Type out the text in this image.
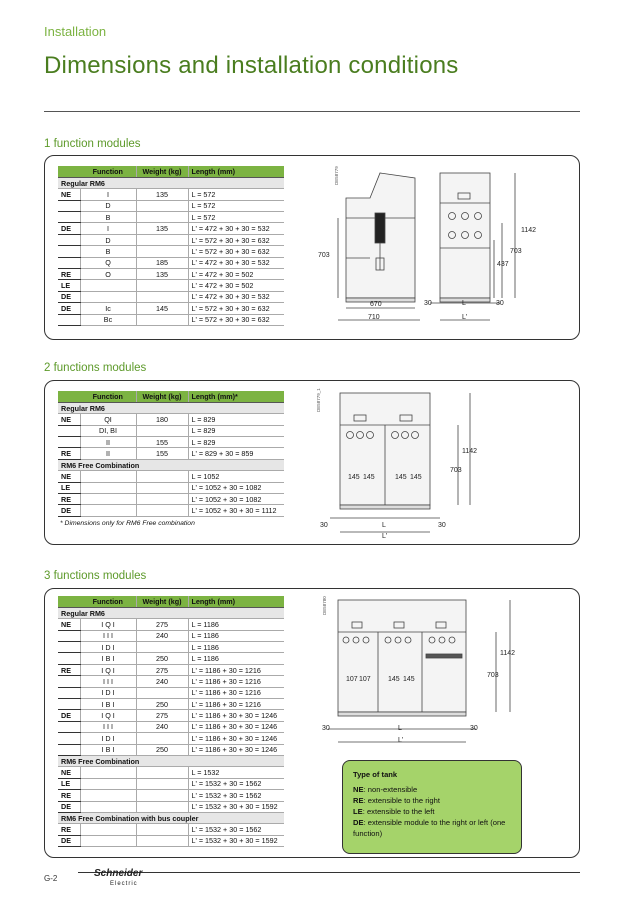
Installation
Dimensions and installation conditions
1 function modules
	Function	Weight (kg)	Length (mm)
Regular RM6			
NE	I	135	L = 572
	D		L = 572
	B		L = 572
DE	I	135	L' = 472 + 30 + 30 = 532
	D		L' = 572 + 30 + 30 = 632
	B		L' = 572 + 30 + 30 = 632
	Q	185	L' = 472 + 30 + 30 = 532
RE	O	135	L' = 472 + 30 = 502
LE			L' = 472 + 30 = 502
DE			L' = 472 + 30 + 30 = 532
DE	Ic	145	L' = 572 + 30 + 30 = 632
	Bc		L' = 572 + 30 + 30 = 632
DE58779
703
670
710
1142
703
437
30	L	30
L'
2 functions modules
	Function	Weight (kg)	Length (mm)*
Regular RM6			
NE	QI	180	L = 829
	DI, BI		L = 829
	II	155	L = 829
RE	II	155	L' = 829 + 30 = 859
RM6 Free Combination			
NE			L = 1052
LE			L' = 1052 + 30 = 1082
RE			L' = 1052 + 30 = 1082
DE			L' = 1052 + 30 + 30 = 1112
* Dimensions only for RM6 Free combination
DE58779_1
1142
703
145 145	145 145
30	L	30
L'
3 functions modules
	Function	Weight (kg)	Length (mm)
Regular RM6			
NE	I Q I	275	L = 1186
	I I I	240	L = 1186
	I D I		L = 1186
	I B I	250	L = 1186
RE	I Q I	275	L' = 1186 + 30 = 1216
	I I I	240	L' = 1186 + 30 = 1216
	I D I		L' = 1186 + 30 = 1216
	I B I	250	L' = 1186 + 30 = 1216
DE	I Q I	275	L' = 1186 + 30 + 30 = 1246
	I I I	240	L' = 1186 + 30 + 30 = 1246
	I D I		L' = 1186 + 30 + 30 = 1246
	I B I	250	L' = 1186 + 30 + 30 = 1246
RM6 Free Combination			
NE			L = 1532
LE			L' = 1532 + 30 = 1562
RE			L' = 1532 + 30 = 1562
DE			L' = 1532 + 30 + 30 = 1592
RM6 Free Combination with bus coupler			
RE			L' = 1532 + 30 = 1562
DE			L' = 1532 + 30 + 30 = 1592
DE58780
1142
703
107 107 145 145
30	L	30
L'
Type of tank
NE: non-extensible
RE: extensible to the right
LE: extensible to the left
DE: extensible module to the right or left (one function)
G-2	Schneider
Electric
